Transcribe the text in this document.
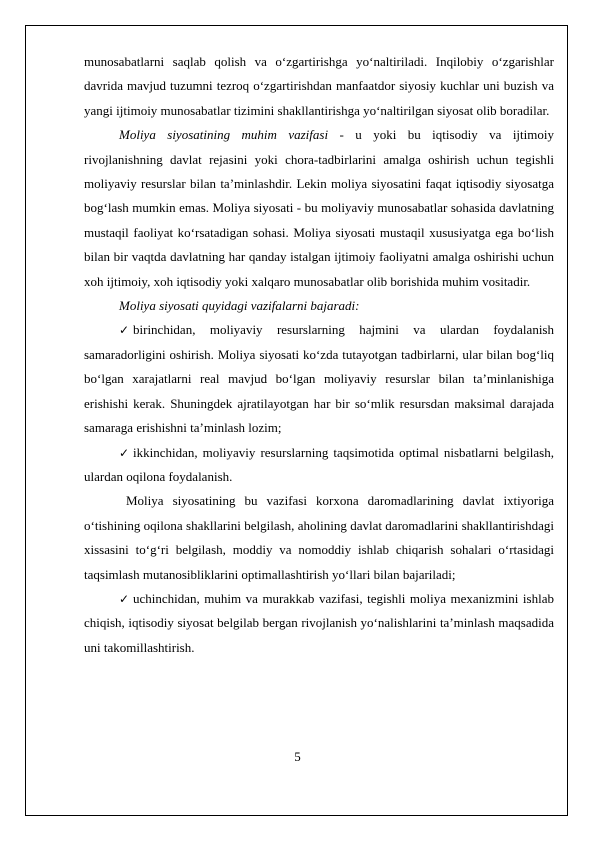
munosabatlarni saqlab qolish va o‘zgartirishga yo‘naltiriladi. Inqilobiy o‘zgarishlar davrida mavjud tuzumni tezroq o‘zgartirishdan manfaatdor siyosiy kuchlar uni buzish va yangi ijtimoiy munosabatlar tizimini shakllantirishga yo‘naltirilgan siyosat olib boradilar.

Moliya siyosatining muhim vazifasi - u yoki bu iqtisodiy va ijtimoiy rivojlanishning davlat rejasini yoki chora-tadbirlarini amalga oshirish uchun tegishli moliyaviy resurslar bilan ta’minlashdir. Lekin moliya siyosatini faqat iqtisodiy siyosatga bog‘lash mumkin emas. Moliya siyosati - bu moliyaviy munosabatlar sohasida davlatning mustaqil faoliyat ko‘rsatadigan sohasi. Moliya siyosati mustaqil xususiyatga ega bo‘lish bilan bir vaqtda davlatning har qanday istalgan ijtimoiy faoliyatni amalga oshirishi uchun xoh ijtimoiy, xoh iqtisodiy yoki xalqaro munosabatlar olib borishida muhim vositadir.

Moliya siyosati quyidagi vazifalarni bajaradi:

✓ birinchidan, moliyaviy resurslarning hajmini va ulardan foydalanish samaradorligini oshirish. Moliya siyosati ko‘zda tutayotgan tadbirlarni, ular bilan bog‘liq bo‘lgan xarajatlarni real mavjud bo‘lgan moliyaviy resurslar bilan ta’minlanishiga erishishi kerak. Shuningdek ajratilayotgan har bir so‘mlik resursdan maksimal darajada samaraga erishishni ta’minlash lozim;

✓ ikkinchidan, moliyaviy resurslarning taqsimotida optimal nisbatlarni belgilash, ulardan oqilona foydalanish.

Moliya siyosatining bu vazifasi korxona daromadlarining davlat ixtiyoriga o‘tishining oqilona shakllarini belgilash, aholining davlat daromadlarini shakllantirishdagi xissasini to‘g‘ri belgilash, moddiy va nomoddiy ishlab chiqarish sohalari o‘rtasidagi taqsimlash mutanosibliklarini optimallashtirish yo‘llari bilan bajariladi;

✓ uchinchidan, muhim va murakkab vazifasi, tegishli moliya mexanizmini ishlab chiqish, iqtisodiy siyosat belgilab bergan rivojlanish yo‘nalishlarini ta’minlash maqsadida uni takomillashtirish.

5
